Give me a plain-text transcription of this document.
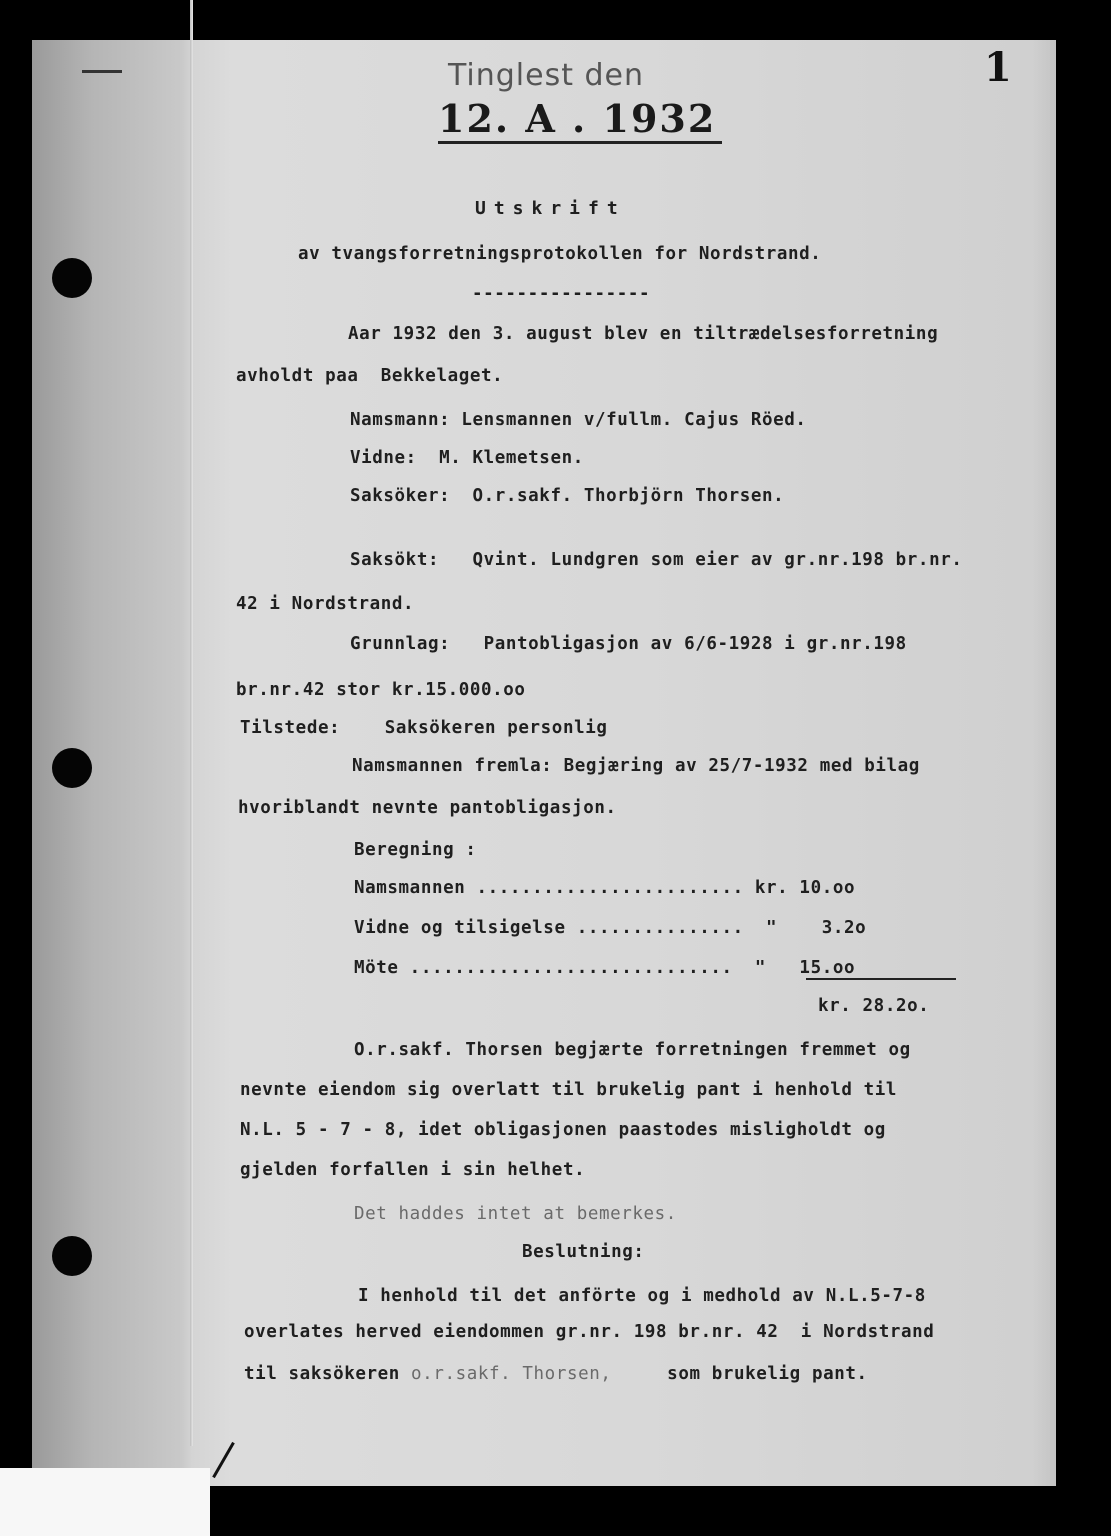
Tinglest den
12. A . 1932
1
Utskrift
av tvangsforretningsprotokollen for Nordstrand.
----------------
Aar 1932 den 3. august blev en tiltrædelsesforretning
avholdt paa  Bekkelaget.
Namsmann: Lensmannen v/fullm. Cajus Röed.
Vidne:  M. Klemetsen.
Saksöker:  O.r.sakf. Thorbjörn Thorsen.
Saksökt:   Qvint. Lundgren som eier av gr.nr.198 br.nr.
42 i Nordstrand.
Grunnlag:   Pantobligasjon av 6/6-1928 i gr.nr.198
br.nr.42 stor kr.15.000.oo
Tilstede:    Saksökeren personlig
Namsmannen fremla: Begjæring av 25/7-1932 med bilag
hvoriblandt nevnte pantobligasjon.
Beregning :
Namsmannen ........................ kr. 10.oo
Vidne og tilsigelse ...............  "    3.2o
Möte .............................  "   15.oo
kr. 28.2o.
O.r.sakf. Thorsen begjærte forretningen fremmet og
nevnte eiendom sig overlatt til brukelig pant i henhold til
N.L. 5 - 7 - 8, idet obligasjonen paastodes misligholdt og
gjelden forfallen i sin helhet.
Det haddes intet at bemerkes.
Beslutning:
I henhold til det anförte og i medhold av N.L.5-7-8
overlates herved eiendommen gr.nr. 198 br.nr. 42  i Nordstrand
til saksökeren o.r.sakf. Thorsen,     som brukelig pant.
